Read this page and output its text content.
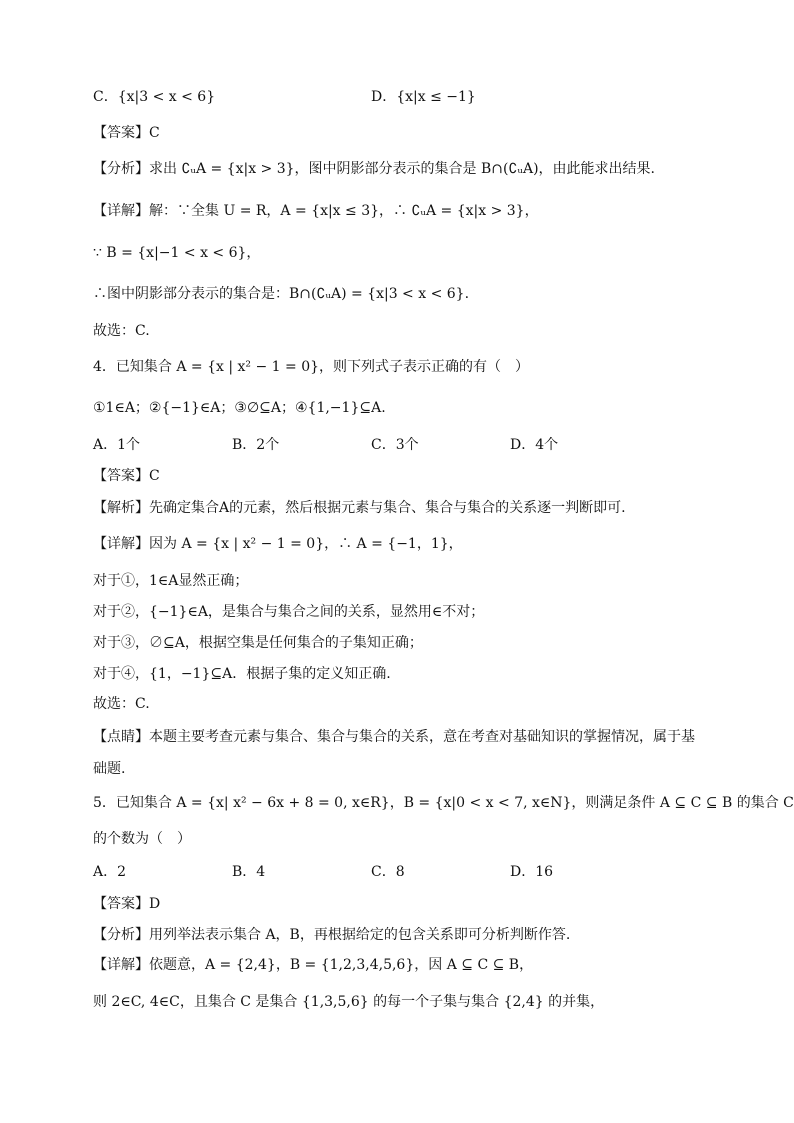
C．{x|3 < x < 6}	D．{x|x ≤ −1}
【答案】C
【分析】求出 ∁ᵤA = {x|x > 3}，图中阴影部分表示的集合是 B∩(∁ᵤA)，由此能求出结果.
【详解】解：∵全集 U = R，A = {x|x ≤ 3}，∴ ∁ᵤA = {x|x > 3}，
∵ B = {x|−1 < x < 6}，
∴图中阴影部分表示的集合是：B∩(∁ᵤA) = {x|3 < x < 6}.
故选：C.
4．已知集合 A = {x | x² − 1 = 0}，则下列式子表示正确的有（　）
①1∈A；②{−1}∈A；③∅⊆A；④{1,−1}⊆A.
A．1个	B．2个	C．3个	D．4个
【答案】C
【解析】先确定集合A的元素，然后根据元素与集合、集合与集合的关系逐一判断即可.
【详解】因为 A = {x | x² − 1 = 0}，∴ A = {−1，1}，
对于①，1∈A显然正确；
对于②，{−1}∈A，是集合与集合之间的关系，显然用∈不对；
对于③，∅⊆A，根据空集是任何集合的子集知正确；
对于④，{1，−1}⊆A．根据子集的定义知正确.
故选：C.
【点睛】本题主要考查元素与集合、集合与集合的关系，意在考查对基础知识的掌握情况，属于基
础题.
5．已知集合 A = {x| x² − 6x + 8 = 0, x∈R}，B = {x|0 < x < 7, x∈N}，则满足条件 A ⊆ C ⊆ B 的集合 C
的个数为（　）
A．2	B．4	C．8	D．16
【答案】D
【分析】用列举法表示集合 A，B，再根据给定的包含关系即可分析判断作答.
【详解】依题意，A = {2,4}，B = {1,2,3,4,5,6}，因 A ⊆ C ⊆ B，
则 2∈C, 4∈C，且集合 C 是集合 {1,3,5,6} 的每一个子集与集合 {2,4} 的并集，
